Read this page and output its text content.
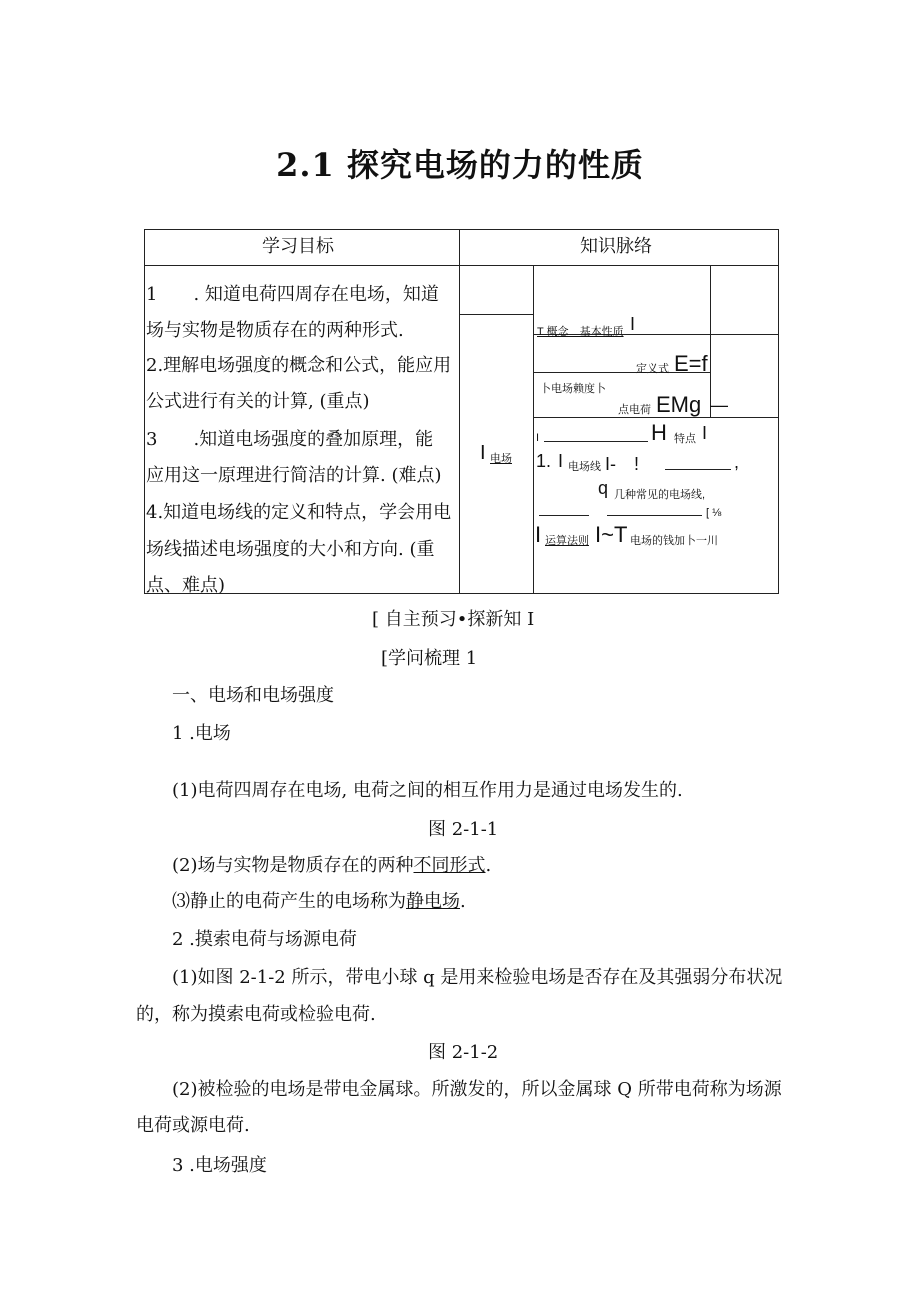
2.1 探究电场的力的性质
学习目标	知识脉络
1　　. 知道电荷四周存在电场，知道
场与实物是物质存在的两种形式.
2.理解电场强度的概念和公式，能应用
公式进行有关的计算, (重点)
3　　.知道电场强度的叠加原理，能
应用这一原理进行简洁的计算. (难点)
4.知道电场线的定义和特点，学会用电
场线描述电场强度的大小和方向. (重
点、难点)
I 电场
T 概念　基本性质 I
定义式 E=f
卜电场赖度卜
点电荷 EMg —
I	H 特点 I
1. I 电场线 I-　!	,
q 几种常见的电场线,
[ ⅛
I 运算法则 I~T 电场的钱加卜一川
[ 自主预习•探新知 I
[学问梳理 1
一、电场和电场强度
1 .电场
(1)电荷四周存在电场, 电荷之间的相互作用力是通过电场发生的.
图 2-1-1
(2)场与实物是物质存在的两种不同形式.
⑶静止的电荷产生的电场称为静电场.
2 .摸索电荷与场源电荷
(1)如图 2-1-2 所示，带电小球 q 是用来检验电场是否存在及其强弱分布状况
的，称为摸索电荷或检验电荷.
图 2-1-2
(2)被检验的电场是带电金属球。所激发的，所以金属球 Q 所带电荷称为场源
电荷或源电荷.
3 .电场强度
